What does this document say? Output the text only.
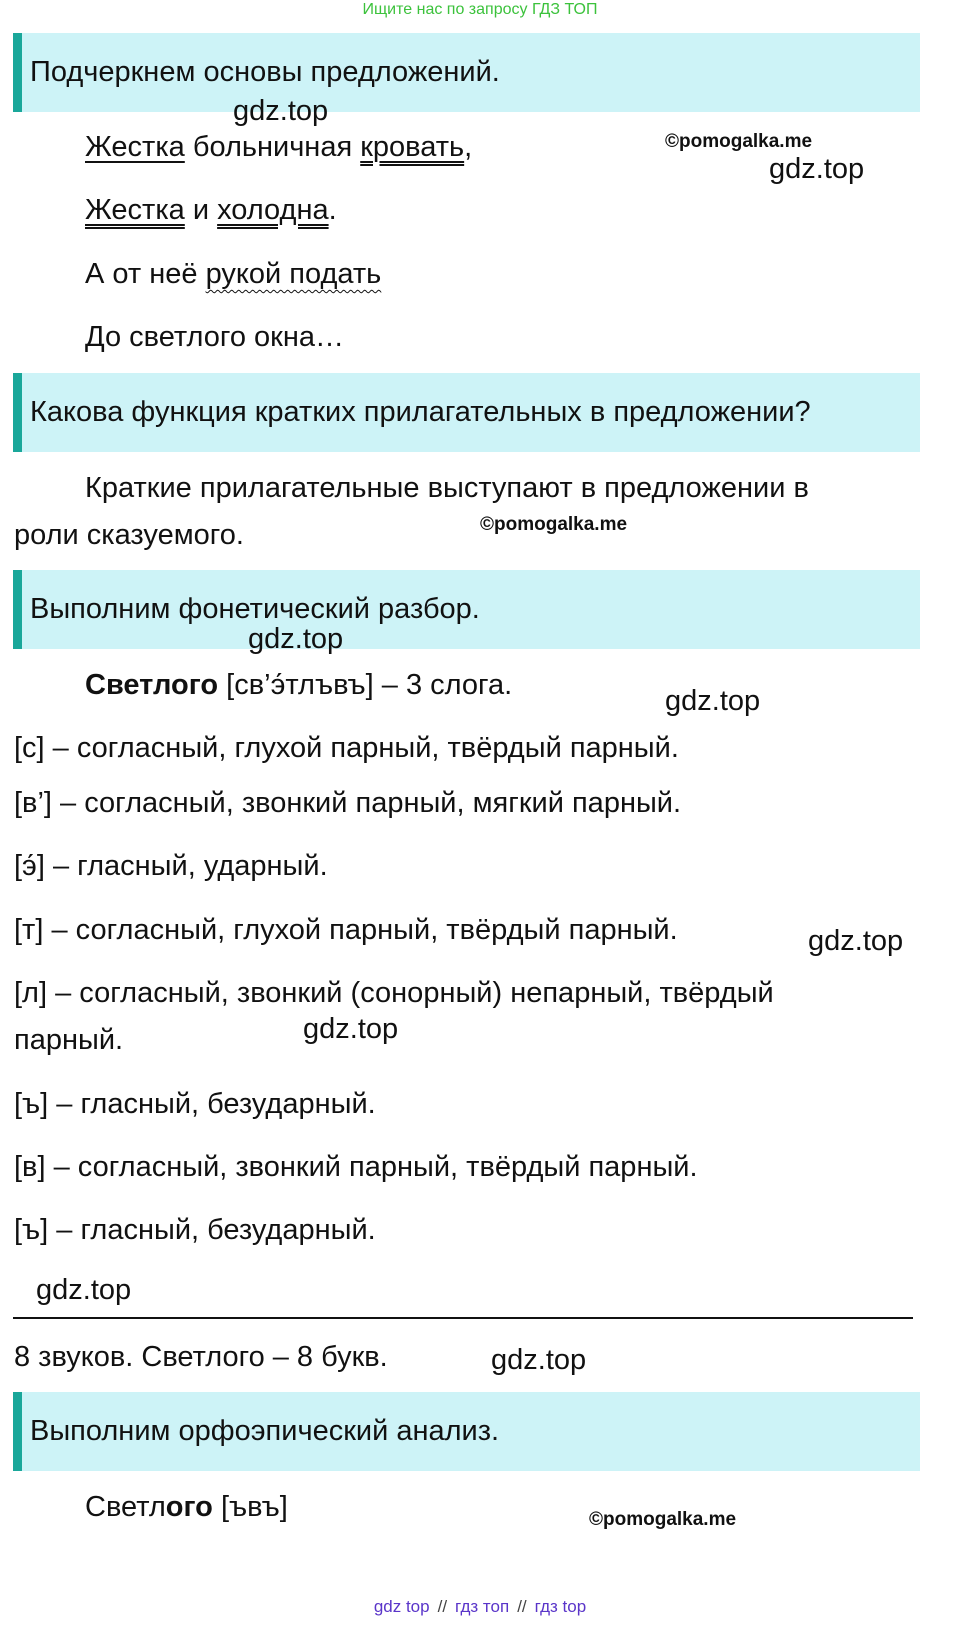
Ищите нас по запросу ГДЗ ТОП
Подчеркнем основы предложений.
Жестка больничная кровать,
Жестка и холодна.
А от неё рукой подать
До светлого окна…
Какова функция кратких прилагательных в предложении?
Краткие прилагательные выступают в предложении в
роли сказуемого.
Выполним фонетический разбор.
Светлого [св’э́тлъвъ] – 3 слога.
[с] – согласный, глухой парный, твёрдый парный.
[в’] – согласный, звонкий парный, мягкий парный.
[э́] – гласный, ударный.
[т] – согласный, глухой парный, твёрдый парный.
[л] – согласный, звонкий (сонорный) непарный, твёрдый
парный.
[ъ] – гласный, безударный.
[в] – согласный, звонкий парный, твёрдый парный.
[ъ] – гласный, безударный.
8 звуков. Светлого – 8 букв.
Выполним орфоэпический анализ.
Светлого [ъвъ]
gdz.top
gdz.top
gdz.top
gdz.top
gdz.top
gdz.top
gdz.top
gdz.top
©pomogalka.me
©pomogalka.me
©pomogalka.me
gdz top // гдз топ // гдз top
